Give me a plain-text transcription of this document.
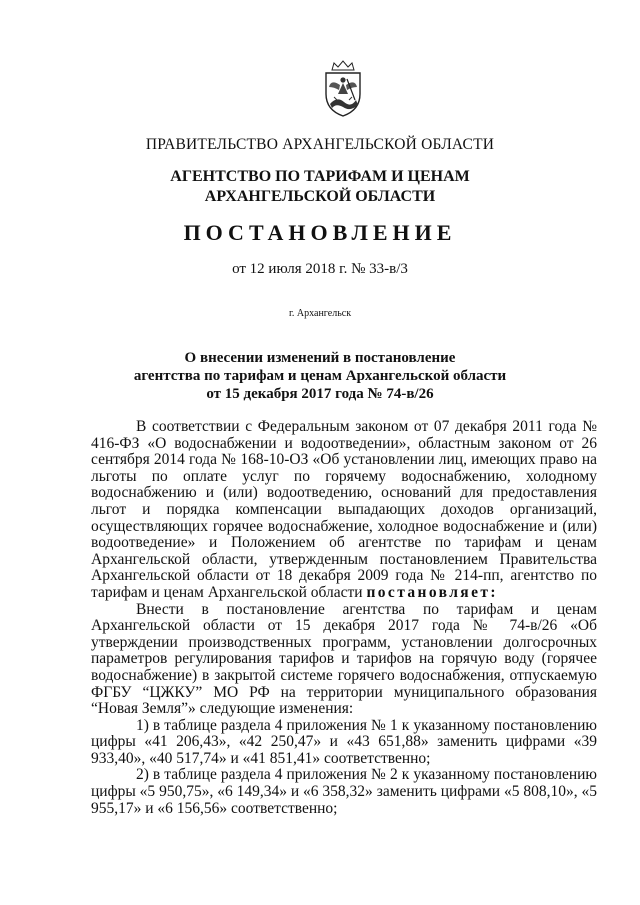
ПРАВИТЕЛЬСТВО АРХАНГЕЛЬСКОЙ ОБЛАСТИ
АГЕНТСТВО ПО ТАРИФАМ И ЦЕНАМ
АРХАНГЕЛЬСКОЙ ОБЛАСТИ
ПОСТАНОВЛЕНИЕ
от 12 июля 2018 г. № 33-в/3
г. Архангельск
О внесении изменений в постановление
агентства по тарифам и ценам Архангельской области
от 15 декабря 2017 года № 74-в/26

В соответствии с Федеральным законом от 07 декабря 2011 года № 416-ФЗ «О водоснабжении и водоотведении», областным законом от 26 сентября 2014 года № 168-10-ОЗ «Об установлении лиц, имеющих право на льготы по оплате услуг по горячему водоснабжению, холодному водоснабжению и (или) водоотведению, оснований для предоставления льгот и порядка компенсации выпадающих доходов организаций, осуществляющих горячее водоснабжение, холодное водоснабжение и (или) водоотведение» и Положением об агентстве по тарифам и ценам Архангельской области, утвержденным постановлением Правительства Архангельской области от 18 декабря 2009 года № 214-пп, агентство по тарифам и ценам Архангельской области постановляет:

Внести в постановление агентства по тарифам и ценам Архангельской области от 15 декабря 2017 года № 74-в/26 «Об утверждении производственных программ, установлении долгосрочных параметров регулирования тарифов и тарифов на горячую воду (горячее водоснабжение) в закрытой системе горячего водоснабжения, отпускаемую ФГБУ “ЦЖКУ” МО РФ на территории муниципального образования “Новая Земля”» следующие изменения:

1) в таблице раздела 4 приложения № 1 к указанному постановлению цифры «41 206,43», «42 250,47» и «43 651,88» заменить цифрами «39 933,40», «40 517,74» и «41 851,41» соответственно;

2) в таблице раздела 4 приложения № 2 к указанному постановлению цифры «5 950,75», «6 149,34» и «6 358,32» заменить цифрами «5 808,10», «5 955,17» и «6 156,56» соответственно;
